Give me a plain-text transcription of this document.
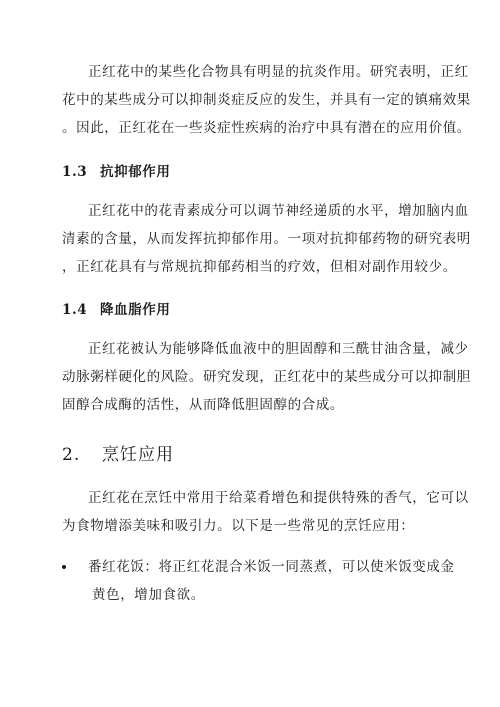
正红花中的某些化合物具有明显的抗炎作用。研究表明，正红
花中的某些成分可以抑制炎症反应的发生，并具有一定的镇痛效果
。因此，正红花在一些炎症性疾病的治疗中具有潜在的应用价值。

1.3 抗抑郁作用

正红花中的花青素成分可以调节神经递质的水平，增加脑内血
清素的含量，从而发挥抗抑郁作用。一项对抗抑郁药物的研究表明
，正红花具有与常规抗抑郁药相当的疗效，但相对副作用较少。

1.4 降血脂作用

正红花被认为能够降低血液中的胆固醇和三酰甘油含量，减少
动脉粥样硬化的风险。研究发现，正红花中的某些成分可以抑制胆
固醇合成酶的活性，从而降低胆固醇的合成。

2. 烹饪应用

正红花在烹饪中常用于给菜肴增色和提供特殊的香气，它可以
为食物增添美味和吸引力。以下是一些常见的烹饪应用：

番红花饭：将正红花混合米饭一同蒸煮，可以使米饭变成金
黄色，增加食欲。
